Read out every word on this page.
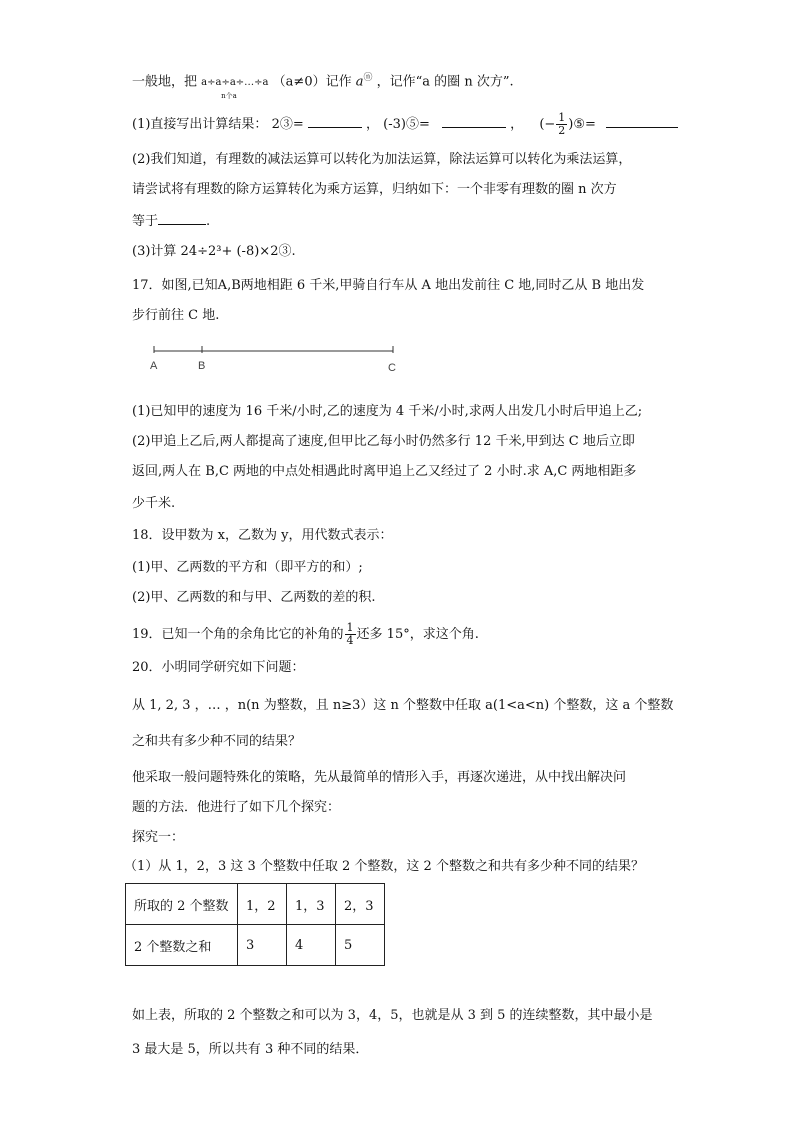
一般地，把 a÷a÷a÷…÷a
n个a
（a≠0）记作 aⓝ ，记作“a 的圈 n 次方”.
(1)直接写出计算结果： 2③=	， (-3)⑤=	， (− $\frac{1}{2}$ )⑤=
(2)我们知道，有理数的减法运算可以转化为加法运算，除法运算可以转化为乘法运算，
请尝试将有理数的除方运算转化为乘方运算，归纳如下：一个非零有理数的圈 n 次方
等于	.
(3)计算 24÷2³+ (-8)×2③.
17．如图,已知A,B两地相距 6 千米,甲骑自行车从 A 地出发前往 C 地,同时乙从 B 地出发
步行前往 C 地.
A	B	C
(1)已知甲的速度为 16 千米/小时,乙的速度为 4 千米/小时,求两人出发几小时后甲追上乙;
(2)甲追上乙后,两人都提高了速度,但甲比乙每小时仍然多行 12 千米,甲到达 C 地后立即
返回,两人在 B,C 两地的中点处相遇此时离甲追上乙又经过了 2 小时.求 A,C 两地相距多
少千米.
18．设甲数为 x，乙数为 y，用代数式表示：
(1)甲、乙两数的平方和（即平方的和）;
(2)甲、乙两数的和与甲、乙两数的差的积.
19．已知一个角的余角比它的补角的 $\frac{1}{4}$ 还多 15°，求这个角.
20．小明同学研究如下问题：
从 1, 2, 3 ，… ，n(n 为整数，且 n≥3）这 n 个整数中任取 a(1<a<n) 个整数，这 a 个整数
之和共有多少种不同的结果？
他采取一般问题特殊化的策略，先从最简单的情形入手，再逐次递进，从中找出解决问
题的方法．他进行了如下几个探究：
探究一：
（1）从 1，2，3 这 3 个整数中任取 2 个整数，这 2 个整数之和共有多少种不同的结果？
所取的 2 个整数	1，2	1，3	2，3
2 个整数之和	3	4	5
如上表，所取的 2 个整数之和可以为 3，4，5，也就是从 3 到 5 的连续整数，其中最小是
3 最大是 5，所以共有 3 种不同的结果．
